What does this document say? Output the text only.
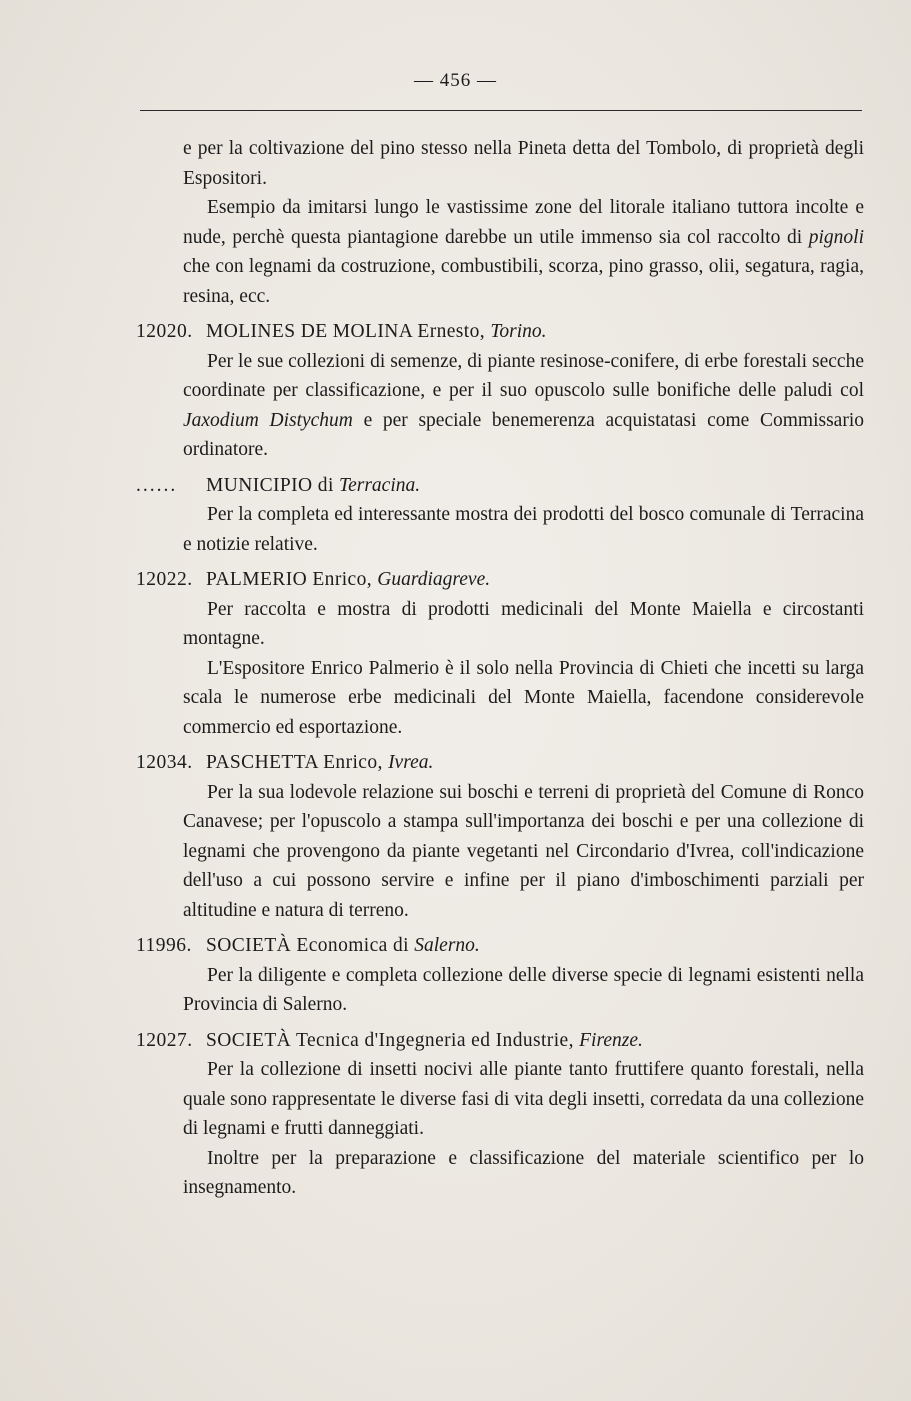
— 456 —

e per la coltivazione del pino stesso nella Pineta detta del Tombolo, di proprietà degli Espositori.

Esempio da imitarsi lungo le vastissime zone del litorale italiano tuttora incolte e nude, perchè questa piantagione darebbe un utile immenso sia col raccolto di pignoli che con legnami da costruzione, combustibili, scorza, pino grasso, olii, segatura, ragia, resina, ecc.

12020. MOLINES DE MOLINA Ernesto, Torino.

Per le sue collezioni di semenze, di piante resinose-conifere, di erbe forestali secche coordinate per classificazione, e per il suo opuscolo sulle bonifiche delle paludi col Jaxodium Distychum e per speciale benemerenza acquistatasi come Commissario ordinatore.

...... MUNICIPIO di Terracina.

Per la completa ed interessante mostra dei prodotti del bosco comunale di Terracina e notizie relative.

12022. PALMERIO Enrico, Guardiagreve.

Per raccolta e mostra di prodotti medicinali del Monte Maiella e circostanti montagne.

L'Espositore Enrico Palmerio è il solo nella Provincia di Chieti che incetti su larga scala le numerose erbe medicinali del Monte Maiella, facendone considerevole commercio ed esportazione.

12034. PASCHETTA Enrico, Ivrea.

Per la sua lodevole relazione sui boschi e terreni di proprietà del Comune di Ronco Canavese; per l'opuscolo a stampa sull'importanza dei boschi e per una collezione di legnami che provengono da piante vegetanti nel Circondario d'Ivrea, coll'indicazione dell'uso a cui possono servire e infine per il piano d'imboschimenti parziali per altitudine e natura di terreno.

11996. SOCIETÀ Economica di Salerno.

Per la diligente e completa collezione delle diverse specie di legnami esistenti nella Provincia di Salerno.

12027. SOCIETÀ Tecnica d'Ingegneria ed Industrie, Firenze.

Per la collezione di insetti nocivi alle piante tanto fruttifere quanto forestali, nella quale sono rappresentate le diverse fasi di vita degli insetti, corredata da una collezione di legnami e frutti danneggiati.

Inoltre per la preparazione e classificazione del materiale scientifico per lo insegnamento.
